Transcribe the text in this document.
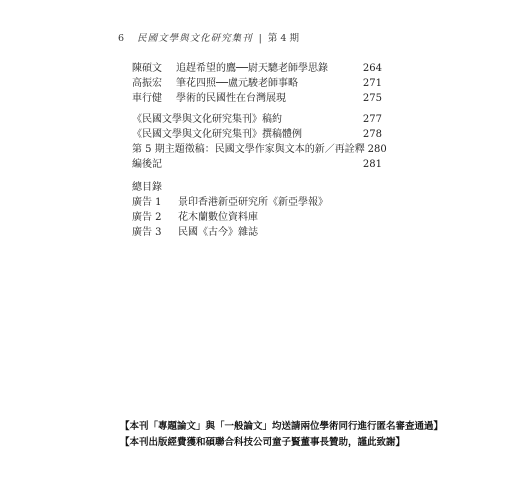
6 民國文學與文化研究集刊 | 第 4 期
陳碩文 追趕希望的鷹──尉天驄老師學思錄	264
高振宏 筆花四照──盧元駿老師事略	271
車行健 學術的民國性在台灣展現	275
《民國文學與文化研究集刊》稿約	277
《民國文學與文化研究集刊》撰稿體例	278
第 5 期主題徵稿：民國文學作家與文本的新／再詮釋 280
編後記	281
總目錄
廣告 1 景印香港新亞研究所《新亞學報》
廣告 2 花木蘭數位資料庫
廣告 3 民國《古今》雜誌
【本刊「專題論文」與「一般論文」均送請兩位學術同行進行匿名審查通過】
【本刊出版經費獲和碩聯合科技公司童子賢董事長贊助，謹此致謝】
